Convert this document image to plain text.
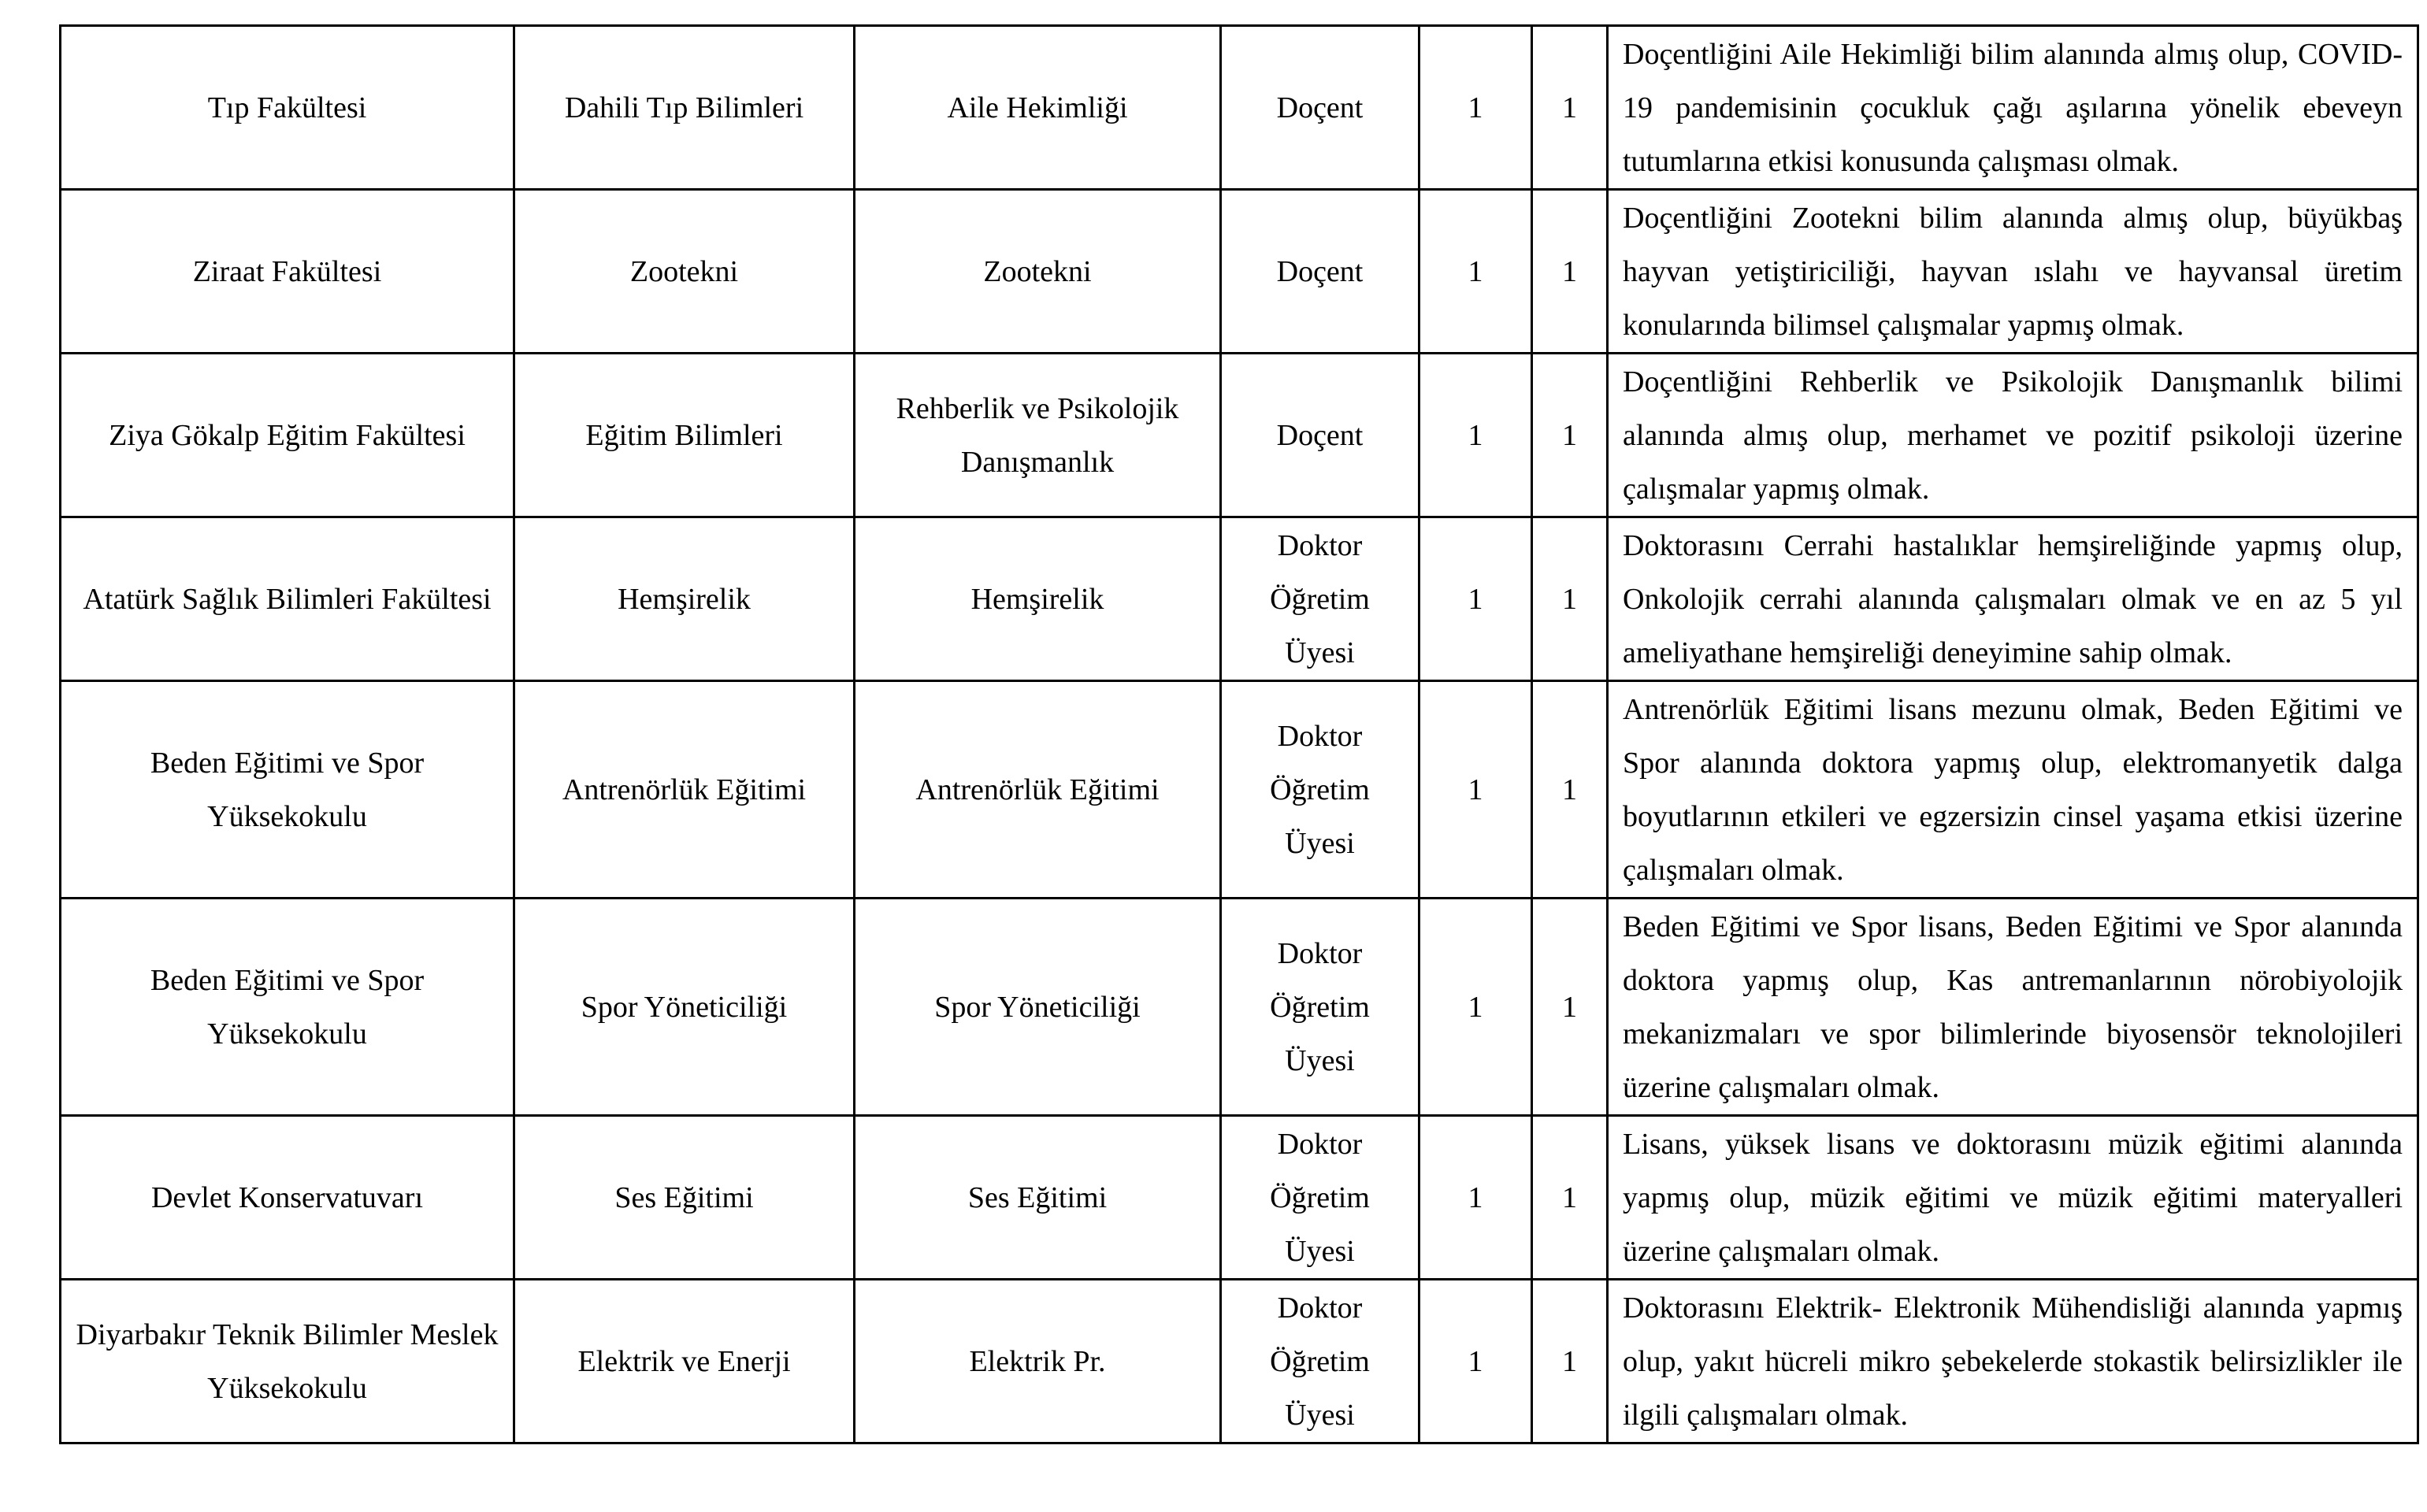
Tıp Fakültesi	Dahili Tıp Bilimleri	Aile Hekimliği	Doçent	1	1	Doçentliğini Aile Hekimliği bilim alanında almış olup, COVID-19 pandemisinin çocukluk çağı aşılarına yönelik ebeveyn tutumlarına etkisi konusunda çalışması olmak.
Ziraat Fakültesi	Zootekni	Zootekni	Doçent	1	1	Doçentliğini Zootekni bilim alanında almış olup, büyükbaş hayvan yetiştiriciliği, hayvan ıslahı ve hayvansal üretim konularında bilimsel çalışmalar yapmış olmak.
Ziya Gökalp Eğitim Fakültesi	Eğitim Bilimleri	Rehberlik ve Psikolojik Danışmanlık	Doçent	1	1	Doçentliğini Rehberlik ve Psikolojik Danışmanlık bilimi alanında almış olup, merhamet ve pozitif psikoloji üzerine çalışmalar yapmış olmak.
Atatürk Sağlık Bilimleri Fakültesi	Hemşirelik	Hemşirelik	Doktor Öğretim Üyesi	1	1	Doktorasını Cerrahi hastalıklar hemşireliğinde yapmış olup, Onkolojik cerrahi alanında çalışmaları olmak ve en az 5 yıl ameliyathane hemşireliği deneyimine sahip olmak.
Beden Eğitimi ve Spor Yüksekokulu	Antrenörlük Eğitimi	Antrenörlük Eğitimi	Doktor Öğretim Üyesi	1	1	Antrenörlük Eğitimi lisans mezunu olmak, Beden Eğitimi ve Spor alanında doktora yapmış olup, elektromanyetik dalga boyutlarının etkileri ve egzersizin cinsel yaşama etkisi üzerine çalışmaları olmak.
Beden Eğitimi ve Spor Yüksekokulu	Spor Yöneticiliği	Spor Yöneticiliği	Doktor Öğretim Üyesi	1	1	Beden Eğitimi ve Spor lisans, Beden Eğitimi ve Spor alanında doktora yapmış olup, Kas antremanlarının nörobiyolojik mekanizmaları ve spor bilimlerinde biyosensör teknolojileri üzerine çalışmaları olmak.
Devlet Konservatuvarı	Ses Eğitimi	Ses Eğitimi	Doktor Öğretim Üyesi	1	1	Lisans, yüksek lisans ve doktorasını müzik eğitimi alanında yapmış olup, müzik eğitimi ve müzik eğitimi materyalleri üzerine çalışmaları olmak.
Diyarbakır Teknik Bilimler Meslek Yüksekokulu	Elektrik ve Enerji	Elektrik Pr.	Doktor Öğretim Üyesi	1	1	Doktorasını Elektrik- Elektronik Mühendisliği alanında yapmış olup, yakıt hücreli mikro şebekelerde stokastik belirsizlikler ile ilgili çalışmaları olmak.
